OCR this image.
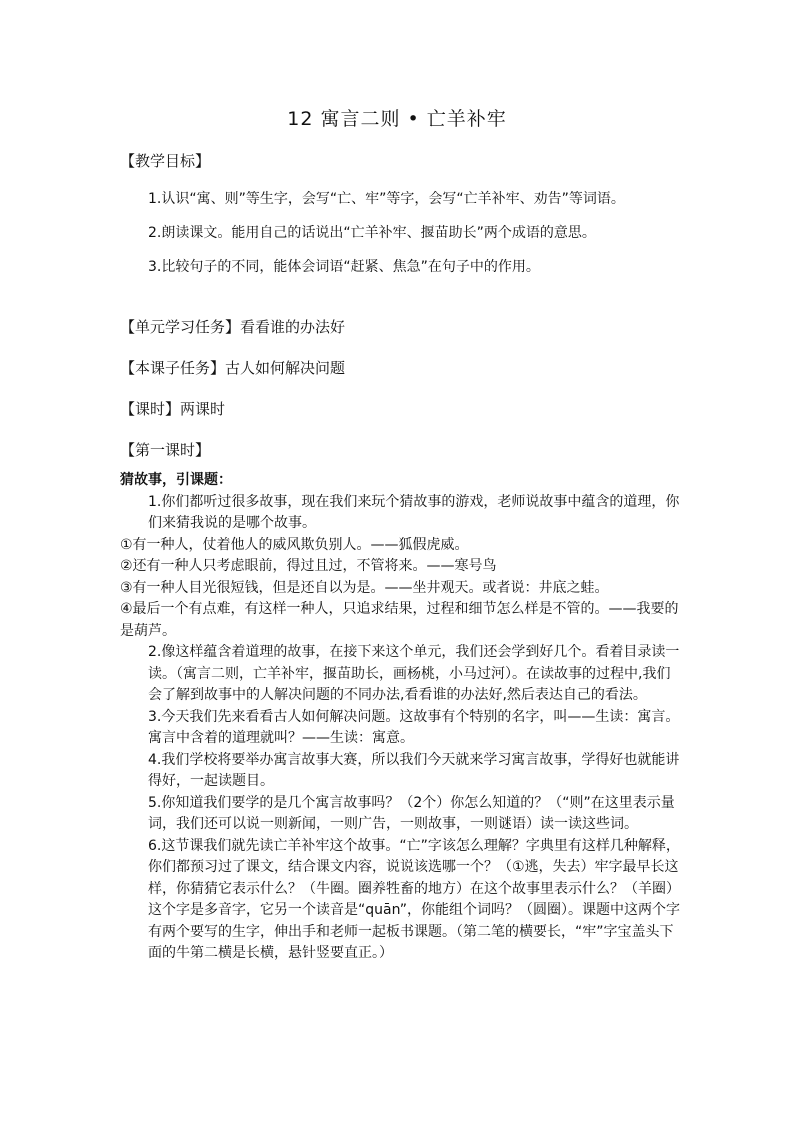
12 寓言二则 • 亡羊补牢
【教学目标】

1.认识“寓、则”等生字，会写“亡、牢”等字，会写“亡羊补牢、劝告”等词语。

2.朗读课文。能用自己的话说出“亡羊补牢、揠苗助长”两个成语的意思。

3.比较句子的不同，能体会词语“赶紧、焦急”在句子中的作用。

【单元学习任务】看看谁的办法好
【本课子任务】古人如何解决问题
【课时】两课时
【第一课时】

猜故事，引课题：

1.你们都听过很多故事，现在我们来玩个猜故事的游戏，老师说故事中蕴含的道理，你们来猜我说的是哪个故事。

①有一种人，仗着他人的威风欺负别人。——狐假虎威。

②还有一种人只考虑眼前，得过且过，不管将来。——寒号鸟

③有一种人目光很短钱，但是还自以为是。——坐井观天。或者说：井底之蛙。

④最后一个有点难，有这样一种人，只追求结果，过程和细节怎么样是不管的。——我要的是葫芦。

2.像这样蕴含着道理的故事，在接下来这个单元，我们还会学到好几个。看着目录读一读。（寓言二则，亡羊补牢，揠苗助长，画杨桃，小马过河）。在读故事的过程中,我们会了解到故事中的人解决问题的不同办法,看看谁的办法好,然后表达自己的看法。

3.今天我们先来看看古人如何解决问题。这故事有个特别的名字，叫——生读：寓言。寓言中含着的道理就叫？——生读：寓意。

4.我们学校将要举办寓言故事大赛，所以我们今天就来学习寓言故事，学得好也就能讲得好，一起读题目。

5.你知道我们要学的是几个寓言故事吗？（2个）你怎么知道的？（“则”在这里表示量词，我们还可以说一则新闻，一则广告，一则故事，一则谜语）读一读这些词。

6.这节课我们就先读亡羊补牢这个故事。“亡”字该怎么理解？字典里有这样几种解释，你们都预习过了课文，结合课文内容，说说该选哪一个？（①逃，失去）牢字最早长这样，你猜猜它表示什么？（牛圈。圈养牲畜的地方）在这个故事里表示什么？（羊圈）这个字是多音字，它另一个读音是“quān”，你能组个词吗？（圆圈）。课题中这两个字有两个要写的生字，伸出手和老师一起板书课题。（第二笔的横要长，“牢”字宝盖头下面的牛第二横是长横，悬针竖要直正。）
